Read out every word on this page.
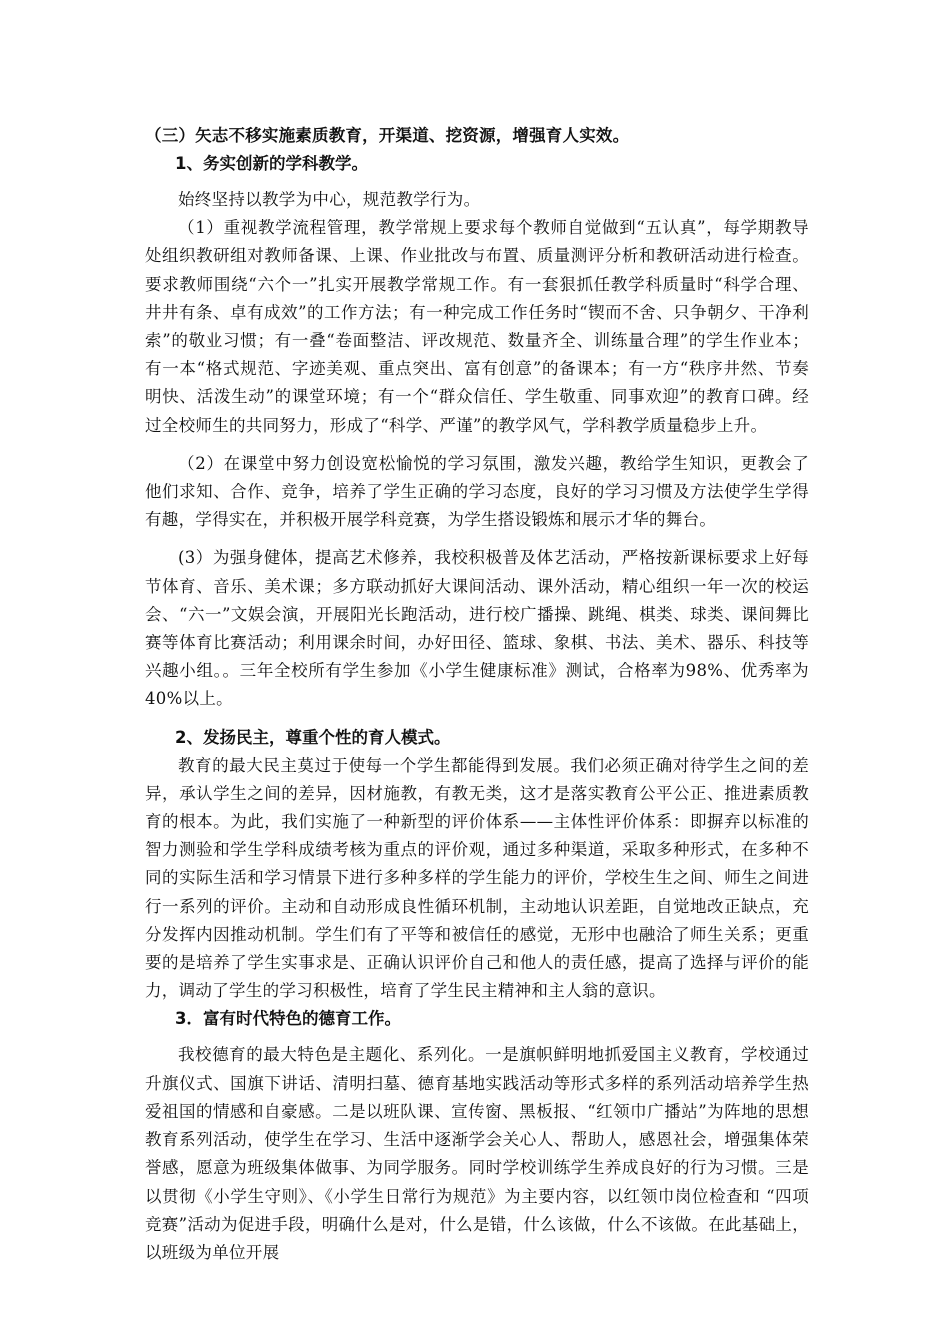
（三）矢志不移实施素质教育，开渠道、挖资源，增强育人实效。
1、务实创新的学科教学。

始终坚持以教学为中心，规范教学行为。

（1）重视教学流程管理，教学常规上要求每个教师自觉做到“五认真”，每学期教导处组织教研组对教师备课、上课、作业批改与布置、质量测评分析和教研活动进行检查。要求教师围绕“六个一”扎实开展教学常规工作。有一套狠抓任教学科质量时“科学合理、井井有条、卓有成效”的工作方法；有一种完成工作任务时“锲而不舍、只争朝夕、干净利索”的敬业习惯；有一叠“卷面整洁、评改规范、数量齐全、训练量合理”的学生作业本；有一本“格式规范、字迹美观、重点突出、富有创意”的备课本；有一方“秩序井然、节奏明快、活泼生动”的课堂环境；有一个“群众信任、学生敬重、同事欢迎”的教育口碑。经过全校师生的共同努力，形成了“科学、严谨”的教学风气，学科教学质量稳步上升。

（2）在课堂中努力创设宽松愉悦的学习氛围，激发兴趣，教给学生知识，更教会了他们求知、合作、竞争，培养了学生正确的学习态度，良好的学习习惯及方法使学生学得有趣，学得实在，并积极开展学科竞赛，为学生搭设锻炼和展示才华的舞台。

(3）为强身健体，提高艺术修养，我校积极普及体艺活动，严格按新课标要求上好每节体育、音乐、美术课；多方联动抓好大课间活动、课外活动，精心组织一年一次的校运会、“六一”文娱会演，开展阳光长跑活动，进行校广播操、跳绳、棋类、球类、课间舞比赛等体育比赛活动；利用课余时间，办好田径、篮球、象棋、书法、美术、器乐、科技等兴趣小组。。三年全校所有学生参加《小学生健康标准》测试，合格率为98%、优秀率为40%以上。

2、发扬民主，尊重个性的育人模式。

教育的最大民主莫过于使每一个学生都能得到发展。我们必须正确对待学生之间的差异，承认学生之间的差异，因材施教，有教无类，这才是落实教育公平公正、推进素质教育的根本。为此，我们实施了一种新型的评价体系——主体性评价体系：即摒弃以标准的智力测验和学生学科成绩考核为重点的评价观，通过多种渠道，采取多种形式，在多种不同的实际生活和学习情景下进行多种多样的学生能力的评价，学校生生之间、师生之间进行一系列的评价。主动和自动形成良性循环机制，主动地认识差距，自觉地改正缺点，充分发挥内因推动机制。学生们有了平等和被信任的感觉，无形中也融洽了师生关系；更重要的是培养了学生实事求是、正确认识评价自己和他人的责任感，提高了选择与评价的能力，调动了学生的学习积极性，培育了学生民主精神和主人翁的意识。

3．富有时代特色的德育工作。

我校德育的最大特色是主题化、系列化。一是旗帜鲜明地抓爱国主义教育，学校通过升旗仪式、国旗下讲话、清明扫墓、德育基地实践活动等形式多样的系列活动培养学生热爱祖国的情感和自豪感。二是以班队课、宣传窗、黑板报、“红领巾广播站”为阵地的思想教育系列活动，使学生在学习、生活中逐渐学会关心人、帮助人，感恩社会，增强集体荣誉感，愿意为班级集体做事、为同学服务。同时学校训练学生养成良好的行为习惯。三是以贯彻《小学生守则》、《小学生日常行为规范》为主要内容，以红领巾岗位检查和 “四项竞赛”活动为促进手段，明确什么是对，什么是错，什么该做，什么不该做。在此基础上，以班级为单位开展
